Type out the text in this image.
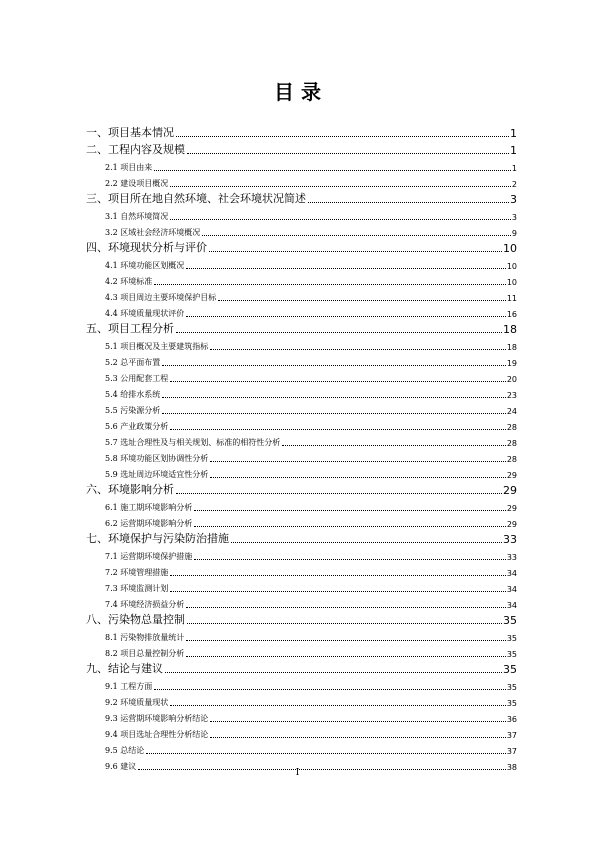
目 录
一、项目基本情况	1
二、工程内容及规模	1
2.1 项目由来	1
2.2 建设项目概况	2
三、项目所在地自然环境、社会环境状况简述	3
3.1 自然环境简况	3
3.2 区域社会经济环境概况	9
四、环境现状分析与评价	10
4.1 环境功能区划概况	10
4.2 环境标准	10
4.3 项目周边主要环境保护目标	11
4.4 环境质量现状评价	16
五、项目工程分析	18
5.1 项目概况及主要建筑指标	18
5.2 总平面布置	19
5.3 公用配套工程	20
5.4 给排水系统	23
5.5 污染源分析	24
5.6 产业政策分析	28
5.7 选址合理性及与相关规划、标准的相符性分析	28
5.8 环境功能区划协调性分析	28
5.9 选址周边环境适宜性分析	29
六、环境影响分析	29
6.1 施工期环境影响分析	29
6.2 运营期环境影响分析	29
七、环境保护与污染防治措施	33
7.1 运营期环境保护措施	33
7.2 环境管理措施	34
7.3 环境监测计划	34
7.4 环境经济损益分析	34
八、污染物总量控制	35
8.1 污染物排放量统计	35
8.2 项目总量控制分析	35
九、结论与建议	35
9.1 工程方面	35
9.2 环境质量现状	35
9.3 运营期环境影响分析结论	36
9.4 项目选址合理性分析结论	37
9.5 总结论	37
9.6 建议	38
I
